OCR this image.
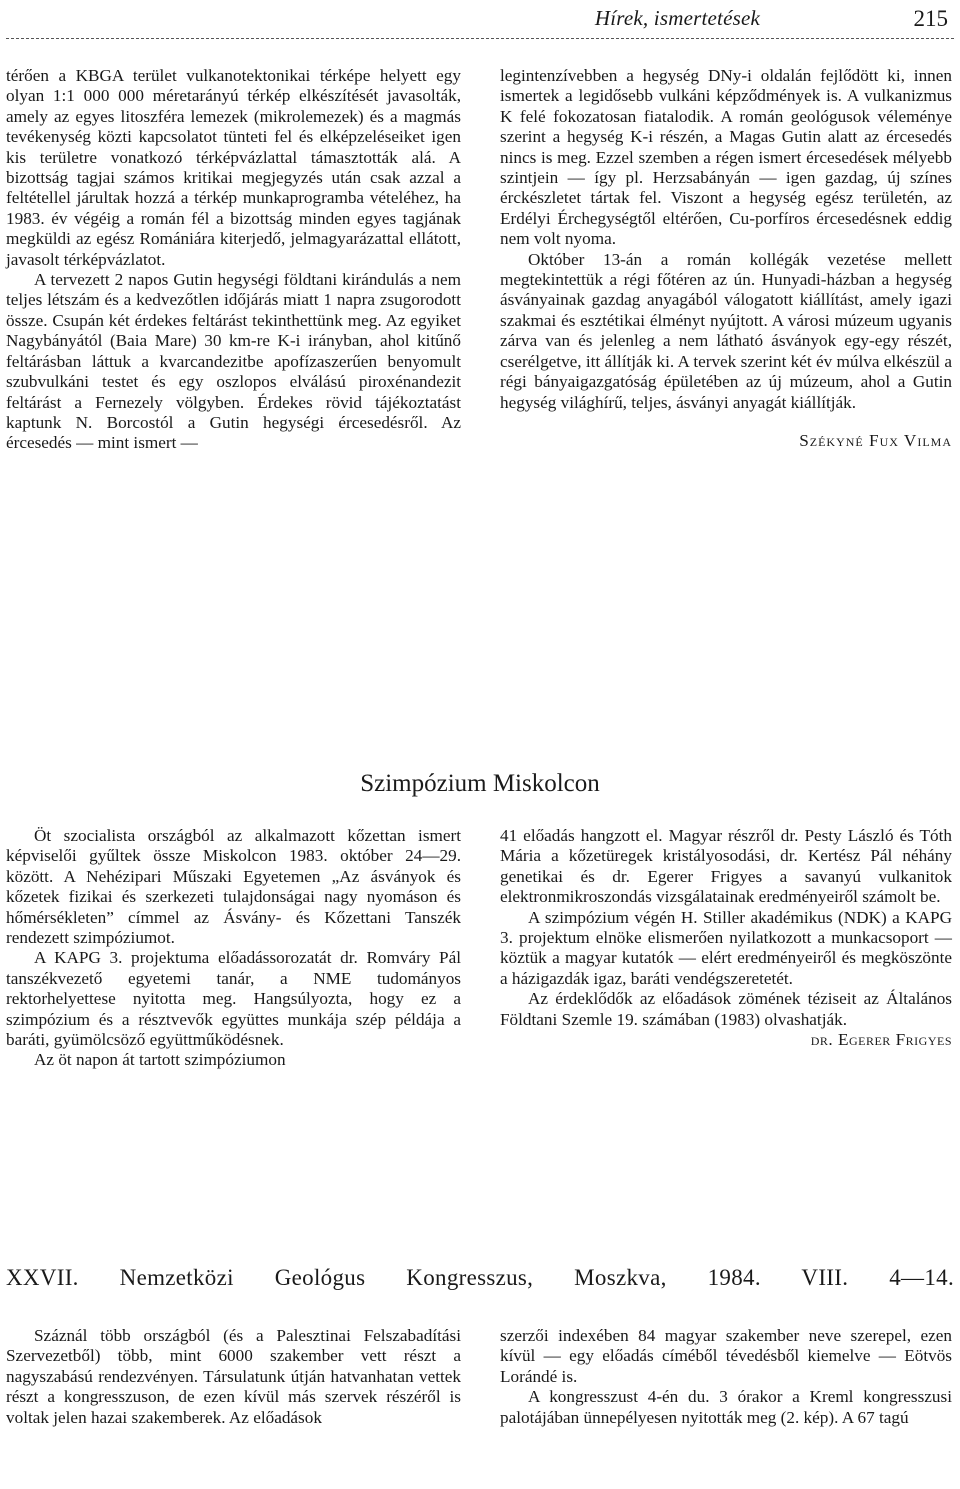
Hírek, ismertetések	215

térően a KBGA terület vulkanotektonikai térképe helyett egy olyan 1:1 000 000 méretarányú térkép elkészítését javasolták, amely az egyes litoszféra lemezek (mikrolemezek) és a magmás tevékenység közti kapcsolatot tünteti fel és elképzeléseiket igen kis területre vonatkozó térképvázlattal támasztották alá. A bizottság tagjai számos kritikai megjegyzés után csak azzal a feltétellel járultak hozzá a térkép munkaprogramba vételéhez, ha 1983. év végéig a román fél a bizottság minden egyes tagjának megküldi az egész Romániára kiterjedő, jelmagyarázattal ellátott, javasolt térképvázlatot.

A tervezett 2 napos Gutin hegységi földtani kirándulás a nem teljes létszám és a kedvezőtlen időjárás miatt 1 napra zsugorodott össze. Csupán két érdekes feltárást tekinthettünk meg. Az egyiket Nagybányától (Baia Mare) 30 km-re K-i irányban, ahol kitűnő feltárásban láttuk a kvarcandezitbe apofízaszerűen benyomult szubvulkáni testet és egy oszlopos elválású piroxénandezit feltárást a Fernezely völgyben. Érdekes rövid tájékoztatást kaptunk N. Borcostól a Gutin hegységi ércesedésről. Az ércesedés — mint ismert —

legintenzívebben a hegység DNy-i oldalán fejlődött ki, innen ismertek a legidősebb vulkáni képződmények is. A vulkanizmus K felé fokozatosan fiatalodik. A román geológusok véleménye szerint a hegység K-i részén, a Magas Gutin alatt az ércesedés nincs is meg. Ezzel szemben a régen ismert ércesedések mélyebb szintjein — így pl. Herzsabányán — igen gazdag, új színes érckészletet tártak fel. Viszont a hegység egész területén, az Erdélyi Érchegységtől eltérően, Cu-porfíros ércesedésnek eddig nem volt nyoma.

Október 13-án a román kollégák vezetése mellett megtekintettük a régi főtéren az ún. Hunyadi-házban a hegység ásványainak gazdag anyagából válogatott kiállítást, amely igazi szakmai és esztétikai élményt nyújtott. A városi múzeum ugyanis zárva van és jelenleg a nem látható ásványok egy-egy részét, cserélgetve, itt állítják ki. A tervek szerint két év múlva elkészül a régi bányaigazgatóság épületében az új múzeum, ahol a Gutin hegység világhírű, teljes, ásványi anyagát kiállítják.

Székyné Fux Vilma

Szimpózium Miskolcon

Öt szocialista országból az alkalmazott kőzettan ismert képviselői gyűltek össze Miskolcon 1983. október 24—29. között. A Nehézipari Műszaki Egyetemen „Az ásványok és kőzetek fizikai és szerkezeti tulajdonságai nagy nyomáson és hőmérsékleten” címmel az Ásvány- és Kőzettani Tanszék rendezett szimpóziumot.

A KAPG 3. projektuma előadássorozatát dr. Romváry Pál tanszékvezető egyetemi tanár, a NME tudományos rektorhelyettese nyitotta meg. Hangsúlyozta, hogy ez a szimpózium és a résztvevők együttes munkája szép példája a baráti, gyümölcsöző együttműködésnek.

Az öt napon át tartott szimpóziumon

41 előadás hangzott el. Magyar részről dr. Pesty László és Tóth Mária a kőzetüregek kristályosodási, dr. Kertész Pál néhány genetikai és dr. Egerer Frigyes a savanyú vulkanitok elektronmikroszondás vizsgálatainak eredményeiről számolt be.

A szimpózium végén H. Stiller akadémikus (NDK) a KAPG 3. projektum elnöke elismerően nyilatkozott a munkacsoport — köztük a magyar kutatók — elért eredményeiről és megköszönte a házigazdák igaz, baráti vendégszeretetét.

Az érdeklődők az előadások zömének téziseit az Általános Földtani Szemle 19. számában (1983) olvashatják.

dr. Egerer Frigyes

XXVII. Nemzetközi Geológus Kongresszus, Moszkva, 1984. VIII. 4—14.

Száznál több országból (és a Palesztinai Felszabadítási Szervezetből) több, mint 6000 szakember vett részt a nagyszabású rendezvényen. Társulatunk útján hatvanhatan vettek részt a kongresszuson, de ezen kívül más szervek részéről is voltak jelen hazai szakemberek. Az előadások

szerzői indexében 84 magyar szakember neve szerepel, ezen kívül — egy előadás címéből tévedésből kiemelve — Eötvös Lorándé is.

A kongresszust 4-én du. 3 órakor a Kreml kongresszusi palotájában ünnepélyesen nyitották meg (2. kép). A 67 tagú
